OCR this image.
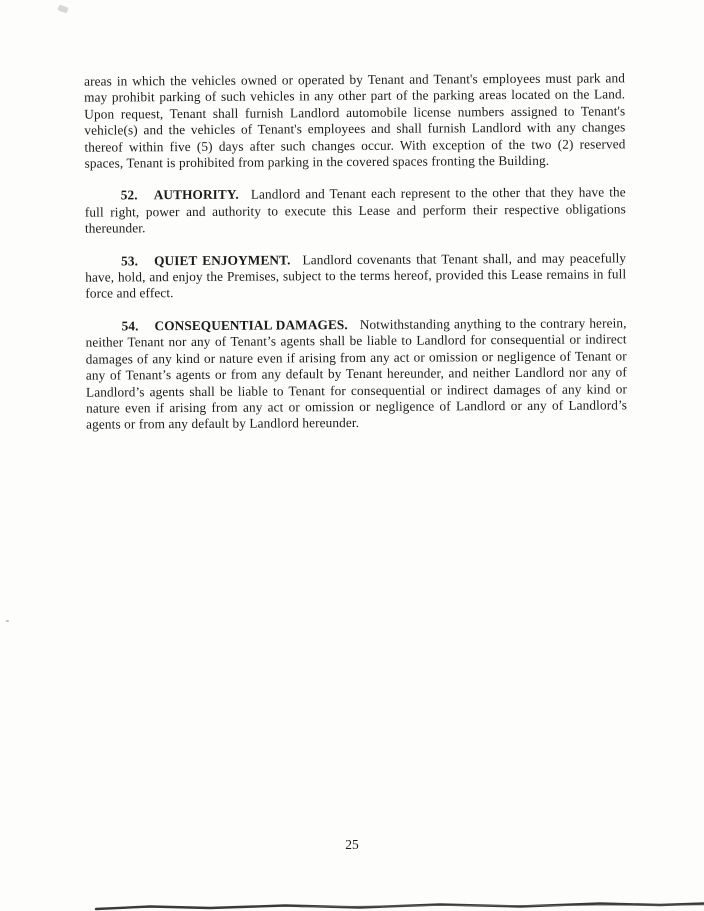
areas in which the vehicles owned or operated by Tenant and Tenant's employees must park and may prohibit parking of such vehicles in any other part of the parking areas located on the Land. Upon request, Tenant shall furnish Landlord automobile license numbers assigned to Tenant's vehicle(s) and the vehicles of Tenant's employees and shall furnish Landlord with any changes thereof within five (5) days after such changes occur. With exception of the two (2) reserved spaces, Tenant is prohibited from parking in the covered spaces fronting the Building.

52. AUTHORITY. Landlord and Tenant each represent to the other that they have the full right, power and authority to execute this Lease and perform their respective obligations thereunder.

53. QUIET ENJOYMENT. Landlord covenants that Tenant shall, and may peacefully have, hold, and enjoy the Premises, subject to the terms hereof, provided this Lease remains in full force and effect.

54. CONSEQUENTIAL DAMAGES. Notwithstanding anything to the contrary herein, neither Tenant nor any of Tenant’s agents shall be liable to Landlord for consequential or indirect damages of any kind or nature even if arising from any act or omission or negligence of Tenant or any of Tenant’s agents or from any default by Tenant hereunder, and neither Landlord nor any of Landlord’s agents shall be liable to Tenant for consequential or indirect damages of any kind or nature even if arising from any act or omission or negligence of Landlord or any of Landlord’s agents or from any default by Landlord hereunder.

25
